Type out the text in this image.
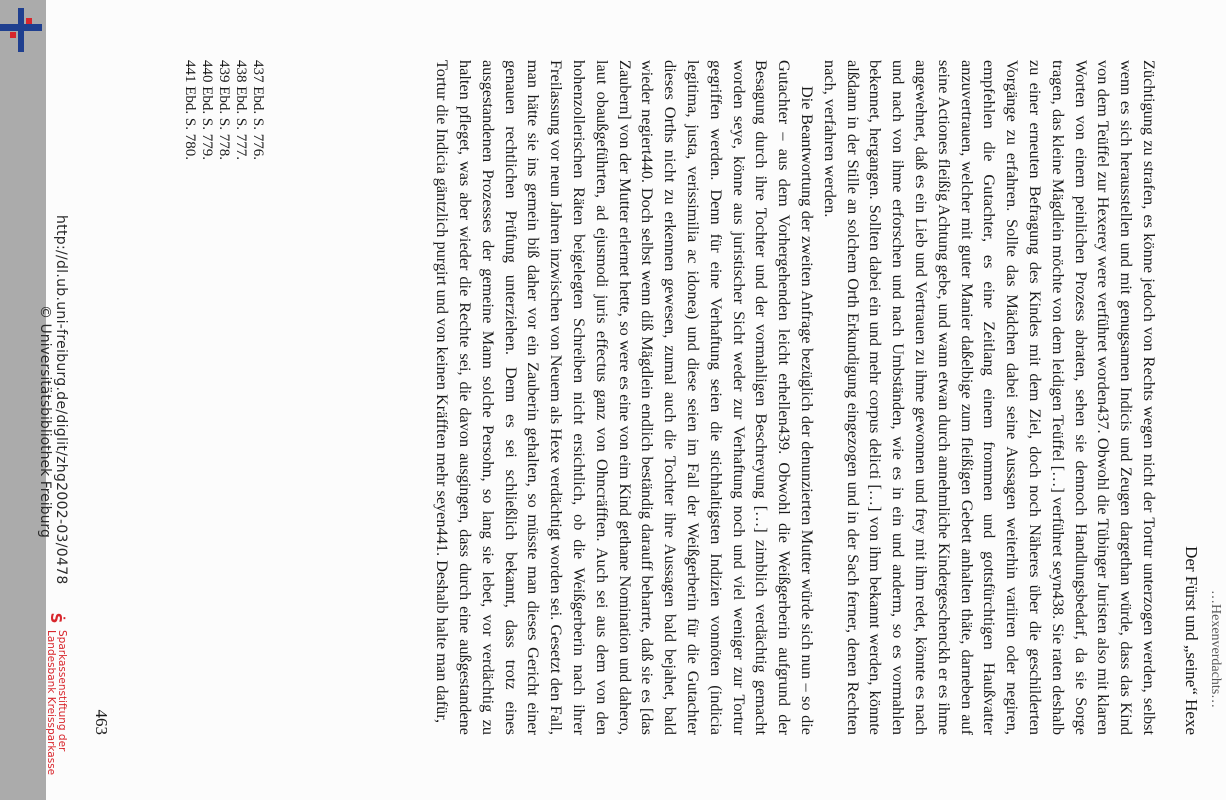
…Hexenverdachts…
Der Fürst und „seine“ Hexe

Züchtigung zu strafen, es könne jedoch von Rechts wegen nicht der Tortur unterzogen werden, selbst wenn es sich herausstellen und mit genugsamen Indicis und Zeugen dargethan würde, dass das Kind von dem Teüffel zur Hexerey were verführet worden437. Obwohl die Tübinger Juristen also mit klaren Worten von einem peinlichen Prozess abraten, sehen sie dennoch Handlungsbedarf, da sie Sorge tragen, das kleine Mägdlein möchte von dem leidigen Teüffel […] verführet seyn438. Sie raten deshalb zu einer erneuten Befragung des Kindes mit dem Ziel, doch noch Näheres über die geschilderten Vorgänge zu erfahren. Sollte das Mädchen dabei seine Aussagen weiterhin variiren oder negiren, empfehlen die Gutachter, es eine Zeitlang einem frommen und gottsfürchtigen Haußvatter anzuvertrauen, welcher mit guter Manier daßelbige zum fleißigen Gebett anhalten thäte, darneben auf seine Actiones fleißig Achtung gebe, und wann etwan durch annehmliche Kindergeschenckh er es ihme angewehnet, daß es ein Lieb und Vertrauen zu ihme gewonnen und frey mit ihm redet, könnte es nach und nach von ihme erforschen und nach Umbständen, wie es in ein und anderm, so es vormahlen bekennet, hergangen. Sollten dabei ein und mehr corpus delicti […] von ihm bekannt werden, könnte alßdann in der Stille an solchem Orth Erkundigung eingezogen und in der Sach ferner, denen Rechten nach, verfahren werden.

Die Beantwortung der zweiten Anfrage bezüglich der denunzierten Mutter würde sich nun – so die Gutachter – aus dem Vorhergehenden leicht erhellen439. Obwohl die Weißgerberin aufgrund der Besagung durch ihre Tochter und der vormahligen Beschreyung […] zimblich verdächtig gemacht worden seye, könne aus juristischer Sicht weder zur Verhaftung noch und viel weniger zur Tortur gegriffen werden. Denn für eine Verhaftung seien die stichhaltigsten Indizien vonnöten (indicia legitima, justa, verissimilia ac idonea) und diese seien im Fall der Weißgerberin für die Gutachter dieses Orths nicht zu erkennen gewesen, zumal auch die Tochter ihre Aussagen bald bejahet, bald wieder negiert440. Doch selbst wenn diß Mägdlein endlich beständig darauff beharrte, daß sie es [das Zaubern] von der Mutter erlernet hette, so were es eine von eim Kind gethane Nomination und dahero, laut obaußgeführten, ad ejusmodi juris effectus ganz von Ohncräfften. Auch sei aus dem von den hohenzollerischen Räten beigelegten Schreiben nicht ersichtlich, ob die Weißgerberin nach ihrer Freilassung vor neun Jahren inzwischen von Neuem als Hexe verdächtigt worden sei. Gesetzt den Fall, man hätte sie ins gemein biß daher vor ein Zauberin gehalten, so müsste man dieses Gericht einer genauen rechtlichen Prüfung unterziehen. Denn es sei schließlich bekannt, dass trotz eines ausgestandenen Prozesses der gemeine Mann solche Persohn, so lang sie lebet, vor verdächtig zu halten pfleget, was aber wieder die Rechte sei, die davon ausgingen, dass durch eine außgestandene Tortur die Indicia gäntzlich purgirt und von keinen Kräfften mehr seyen441. Deshalb halte man dafür,

437 Ebd. S. 776.
438 Ebd. S. 777.
439 Ebd. S. 778.
440 Ebd. S. 779.
441 Ebd. S. 780.
463
http://dl.ub.uni-freiburg.de/diglit/zhg2002-03/0478
© Universitätsbibliothek Freiburg
Ṡ
Sparkassenstiftung der
Landesbank Kreissparkasse
